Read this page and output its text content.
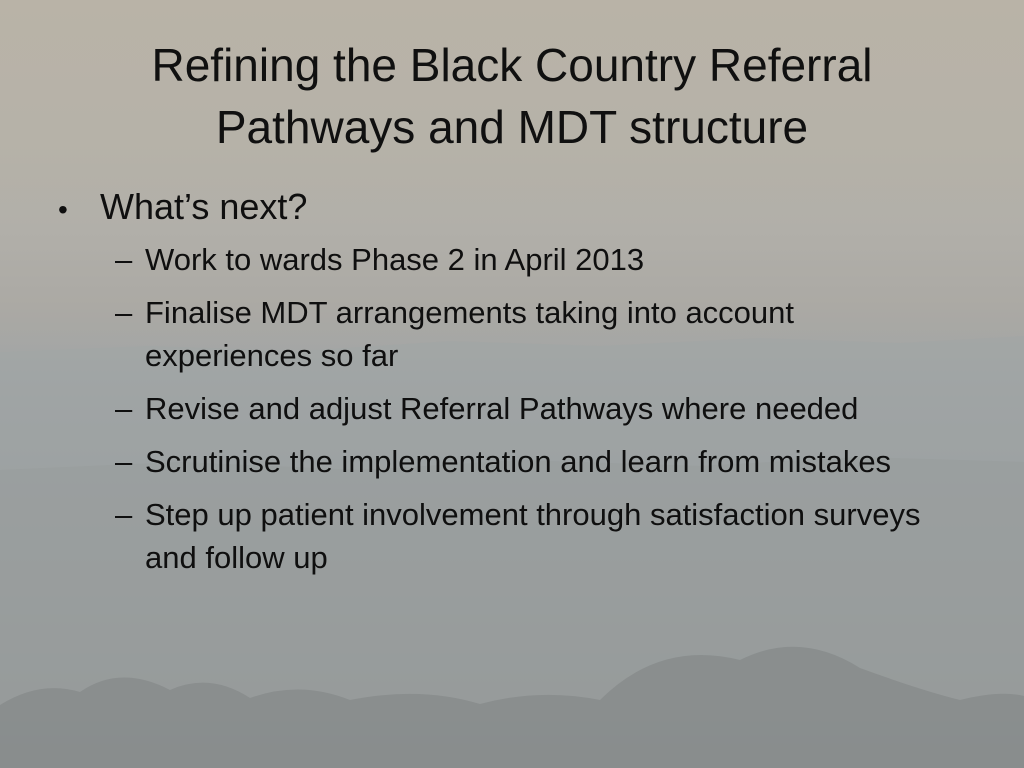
Refining the Black Country Referral
Pathways and MDT structure
• What’s next?
– Work to wards Phase 2 in April 2013
– Finalise MDT arrangements taking into account experiences so far
– Revise and adjust Referral Pathways where needed
– Scrutinise the implementation and learn from mistakes
– Step up patient involvement through satisfaction surveys and follow up
